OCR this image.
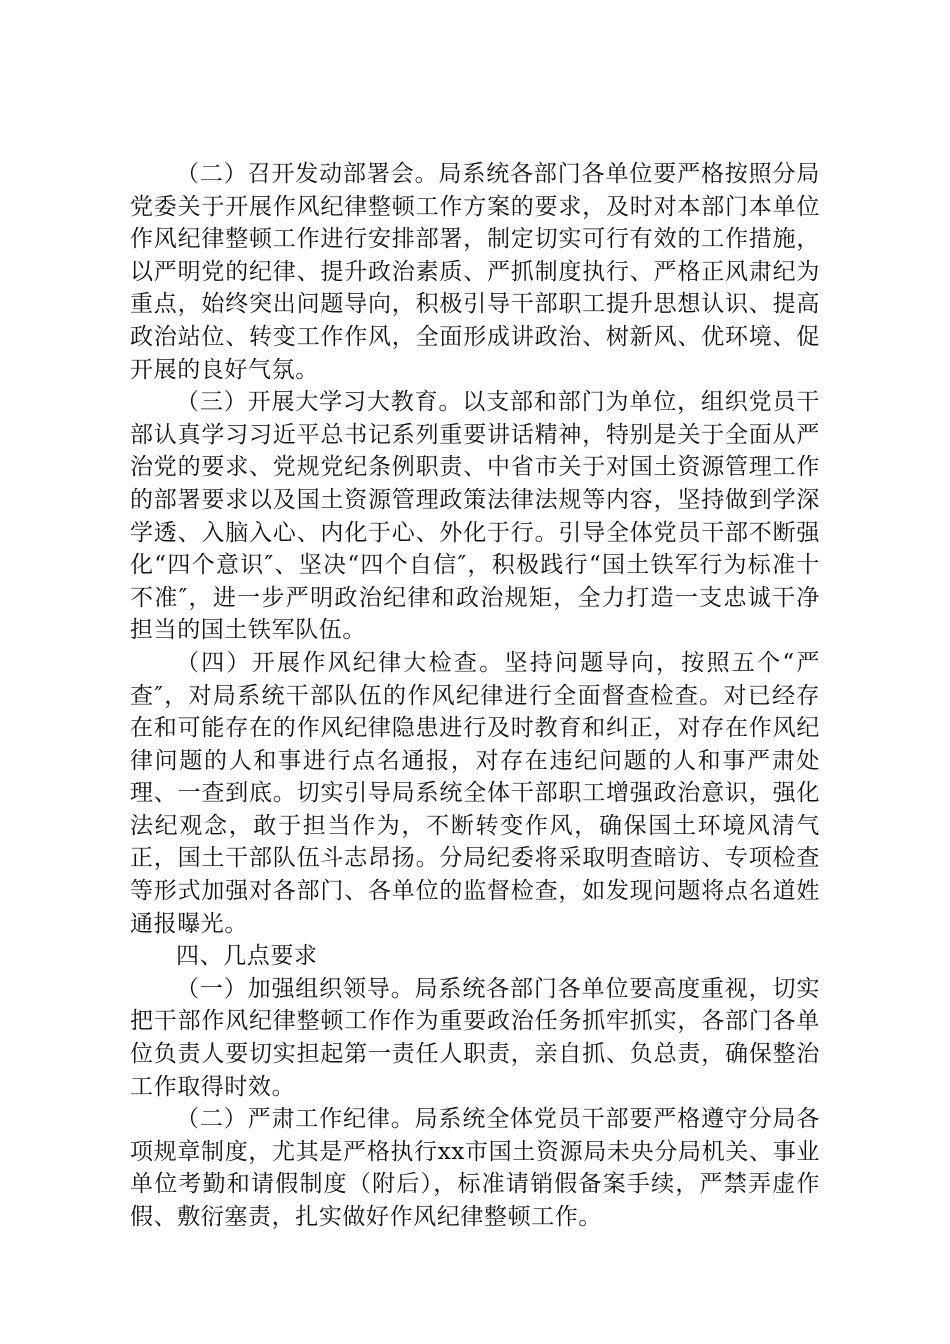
（二）召开发动部署会。局系统各部门各单位要严格按照分局党委关于开展作风纪律整顿工作方案的要求，及时对本部门本单位作风纪律整顿工作进行安排部署，制定切实可行有效的工作措施，以严明党的纪律、提升政治素质、严抓制度执行、严格正风肃纪为重点，始终突出问题导向，积极引导干部职工提升思想认识、提高政治站位、转变工作作风，全面形成讲政治、树新风、优环境、促开展的良好气氛。

（三）开展大学习大教育。以支部和部门为单位，组织党员干部认真学习习近平总书记系列重要讲话精神，特别是关于全面从严治党的要求、党规党纪条例职责、中省市关于对国土资源管理工作的部署要求以及国土资源管理政策法律法规等内容，坚持做到学深学透、入脑入心、内化于心、外化于行。引导全体党员干部不断强化“四个意识″、坚决“四个自信″，积极践行“国土铁军行为标准十不准″，进一步严明政治纪律和政治规矩，全力打造一支忠诚干净担当的国土铁军队伍。

（四）开展作风纪律大检查。坚持问题导向，按照五个“严查″，对局系统干部队伍的作风纪律进行全面督查检查。对已经存在和可能存在的作风纪律隐患进行及时教育和纠正，对存在作风纪律问题的人和事进行点名通报，对存在违纪问题的人和事严肃处理、一查到底。切实引导局系统全体干部职工增强政治意识，强化法纪观念，敢于担当作为，不断转变作风，确保国土环境风清气正，国土干部队伍斗志昂扬。分局纪委将采取明查暗访、专项检查等形式加强对各部门、各单位的监督检查，如发现问题将点名道姓通报曝光。

四、几点要求

（一）加强组织领导。局系统各部门各单位要高度重视，切实把干部作风纪律整顿工作作为重要政治任务抓牢抓实，各部门各单位负责人要切实担起第一责任人职责，亲自抓、负总责，确保整治工作取得时效。

（二）严肃工作纪律。局系统全体党员干部要严格遵守分局各项规章制度，尤其是严格执行xx市国土资源局未央分局机关、事业单位考勤和请假制度（附后），标准请销假备案手续，严禁弄虚作假、敷衍塞责，扎实做好作风纪律整顿工作。
